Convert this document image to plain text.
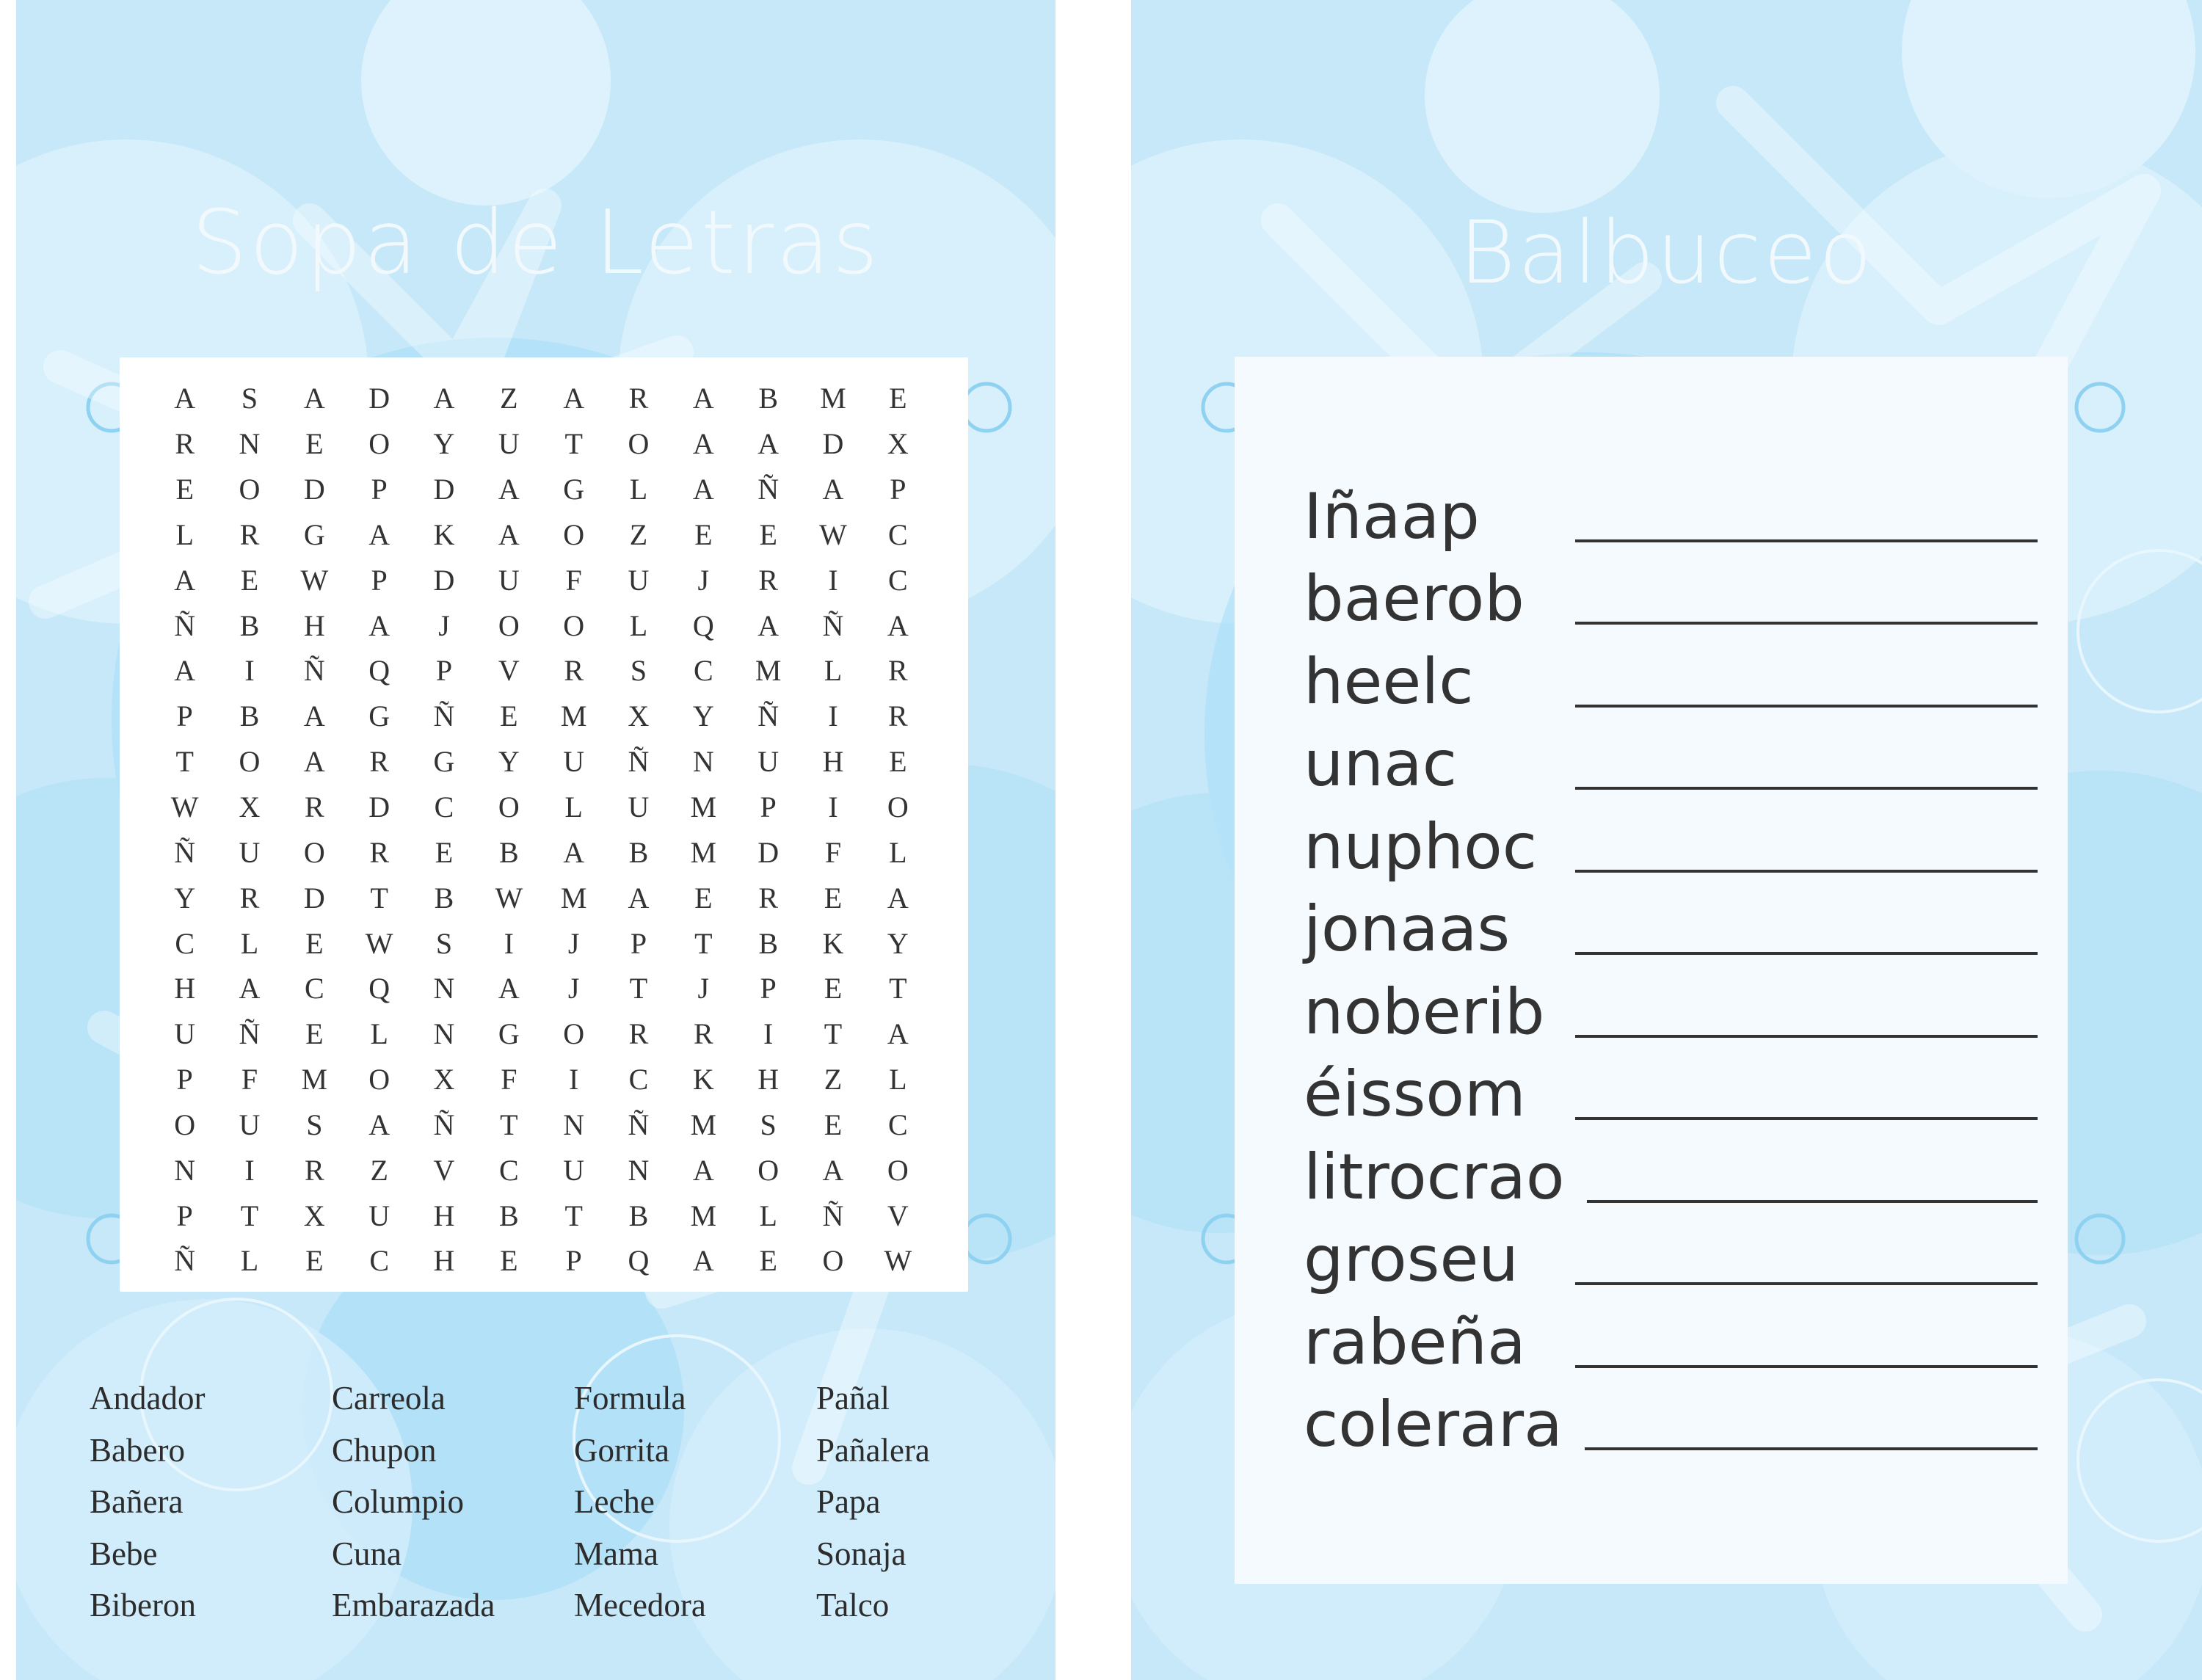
Sopa de Letras
A	S	A	D	A	Z	A	R	A	B	M	E
R	N	E	O	Y	U	T	O	A	A	D	X
E	O	D	P	D	A	G	L	A	Ñ	A	P
L	R	G	A	K	A	O	Z	E	E	W	C
A	E	W	P	D	U	F	U	J	R	I	C
Ñ	B	H	A	J	O	O	L	Q	A	Ñ	A
A	I	Ñ	Q	P	V	R	S	C	M	L	R
P	B	A	G	Ñ	E	M	X	Y	Ñ	I	R
T	O	A	R	G	Y	U	Ñ	N	U	H	E
W	X	R	D	C	O	L	U	M	P	I	O
Ñ	U	O	R	E	B	A	B	M	D	F	L
Y	R	D	T	B	W	M	A	E	R	E	A
C	L	E	W	S	I	J	P	T	B	K	Y
H	A	C	Q	N	A	J	T	J	P	E	T
U	Ñ	E	L	N	G	O	R	R	I	T	A
P	F	M	O	X	F	I	C	K	H	Z	L
O	U	S	A	Ñ	T	N	Ñ	M	S	E	C
N	I	R	Z	V	C	U	N	A	O	A	O
P	T	X	U	H	B	T	B	M	L	Ñ	V
Ñ	L	E	C	H	E	P	Q	A	E	O	W
Andador
Babero
Bañera
Bebe
Biberon
Carreola
Chupon
Columpio
Cuna
Embarazada
Formula
Gorrita
Leche
Mama
Mecedora
Pañal
Pañalera
Papa
Sonaja
Talco
Balbuceo
Iñaap
baerob
heelc
unac
nuphoc
jonaas
noberib
éissom
litrocrao
groseu
rabeña
colerara
